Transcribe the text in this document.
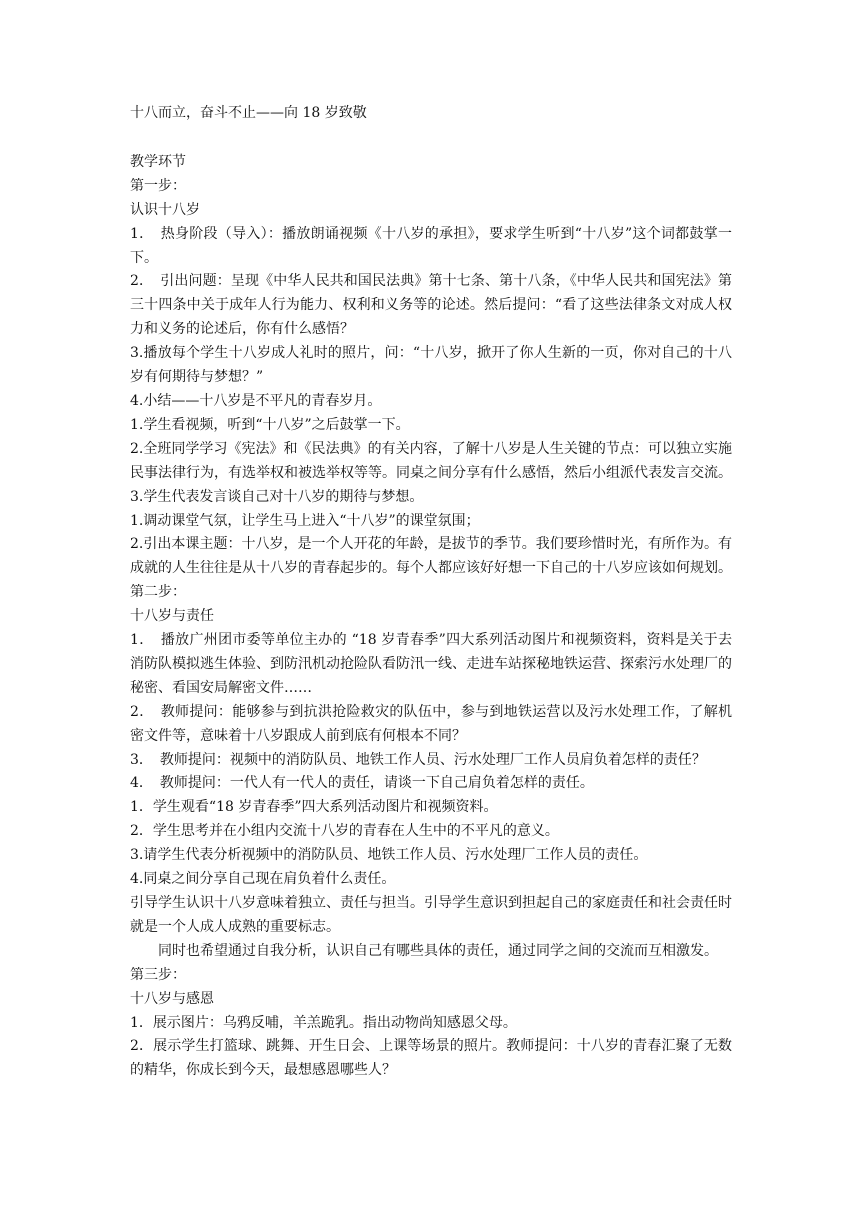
十八而立，奋斗不止——向 18 岁致敬

教学环节

第一步：

认识十八岁

1．　热身阶段（导入）：播放朗诵视频《十八岁的承担》，要求学生听到“十八岁”这个词都鼓掌一下。

2．　引出问题：呈现《中华人民共和国民法典》第十七条、第十八条，《中华人民共和国宪法》第三十四条中关于成年人行为能力、权利和义务等的论述。然后提问：“看了这些法律条文对成人权力和义务的论述后，你有什么感悟？

3.播放每个学生十八岁成人礼时的照片，问：“十八岁，掀开了你人生新的一页，你对自己的十八岁有何期待与梦想？”

4.小结——十八岁是不平凡的青春岁月。

1.学生看视频，听到“十八岁”之后鼓掌一下。

2.全班同学学习《宪法》和《民法典》的有关内容，了解十八岁是人生关键的节点：可以独立实施民事法律行为，有选举权和被选举权等等。同桌之间分享有什么感悟，然后小组派代表发言交流。

3.学生代表发言谈自己对十八岁的期待与梦想。

1.调动课堂气氛，让学生马上进入“十八岁”的课堂氛围；

2.引出本课主题：十八岁，是一个人开花的年龄，是拔节的季节。我们要珍惜时光，有所作为。有成就的人生往往是从十八岁的青春起步的。每个人都应该好好想一下自己的十八岁应该如何规划。

第二步：

十八岁与责任

1．　播放广州团市委等单位主办的 “18 岁青春季”四大系列活动图片和视频资料，资料是关于去消防队模拟逃生体验、到防汛机动抢险队看防汛一线、走进车站探秘地铁运营、探索污水处理厂的秘密、看国安局解密文件……

2．　教师提问：能够参与到抗洪抢险救灾的队伍中，参与到地铁运营以及污水处理工作，了解机密文件等，意味着十八岁跟成人前到底有何根本不同？

3．　教师提问：视频中的消防队员、地铁工作人员、污水处理厂工作人员肩负着怎样的责任？

4．　教师提问：一代人有一代人的责任，请谈一下自己肩负着怎样的责任。

1．学生观看“18 岁青春季”四大系列活动图片和视频资料。

2．学生思考并在小组内交流十八岁的青春在人生中的不平凡的意义。

3.请学生代表分析视频中的消防队员、地铁工作人员、污水处理厂工作人员的责任。

4.同桌之间分享自己现在肩负着什么责任。

引导学生认识十八岁意味着独立、责任与担当。引导学生意识到担起自己的家庭责任和社会责任时就是一个人成人成熟的重要标志。

同时也希望通过自我分析，认识自己有哪些具体的责任，通过同学之间的交流而互相激发。

第三步：

十八岁与感恩

1．展示图片：乌鸦反哺，羊羔跪乳。指出动物尚知感恩父母。

2．展示学生打篮球、跳舞、开生日会、上课等场景的照片。教师提问：十八岁的青春汇聚了无数的精华，你成长到今天，最想感恩哪些人？
